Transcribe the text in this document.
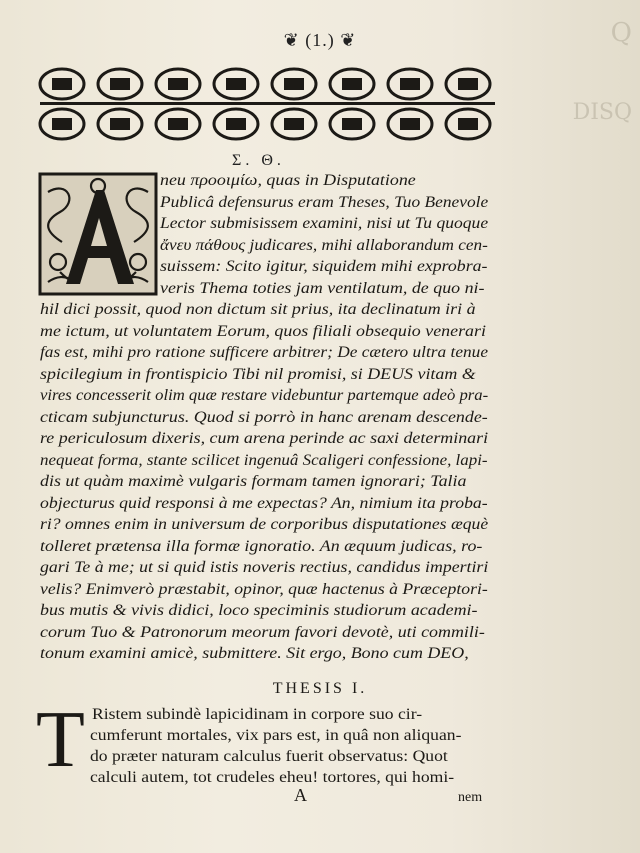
Q
DISQ
❦ (1.) ❦
Σ. Θ.
neu προοιμίω, quas in Disputatione
Publicâ defensurus eram Theses, Tuo Benevole
Lector submisissem examini, nisi ut Tu quoque
ἄνευ πάθους judicares, mihi allaborandum cen-
suissem: Scito igitur, siquidem mihi exprobra-
veris Thema toties jam ventilatum, de quo ni-
hil dici possit, quod non dictum sit prius, ita declinatum iri à
me ictum, ut voluntatem Eorum, quos filiali obsequio venerari
fas est, mihi pro ratione sufficere arbitrer; De cætero ultra tenue
spicilegium in frontispicio Tibi nil promisi, si DEUS vitam &
vires concesserit olim quæ restare videbuntur partemque adeò pra-
cticam subjuncturus. Quod si porrò in hanc arenam descende-
re periculosum dixeris, cum arena perinde ac saxi determinari
nequeat forma, stante scilicet ingenuâ Scaligeri confessione, lapi-
dis ut quàm maximè vulgaris formam tamen ignorari; Talia
objecturus quid responsi à me expectas? An, nimium ita proba-
ri? omnes enim in universum de corporibus disputationes æquè
tolleret prætensa illa formæ ignoratio. An æquum judicas, ro-
gari Te à me; ut si quid istis noveris rectius, candidus impertiri
velis? Enimverò præstabit, opinor, quæ hactenus à Præceptori-
bus mutis & vivis didici, loco speciminis studiorum academi-
corum Tuo & Patronorum meorum favori devotè, uti commili-
tonum examini amicè, submittere. Sit ergo, Bono cum DEO,
THESIS I.
T Ristem subindè lapicidinam in corpore suo cir-
cumferunt mortales, vix pars est, in quâ non aliquan-
do præter naturam calculus fuerit observatus: Quot
calculi autem, tot crudeles eheu! tortores, qui homi-
A	nem
